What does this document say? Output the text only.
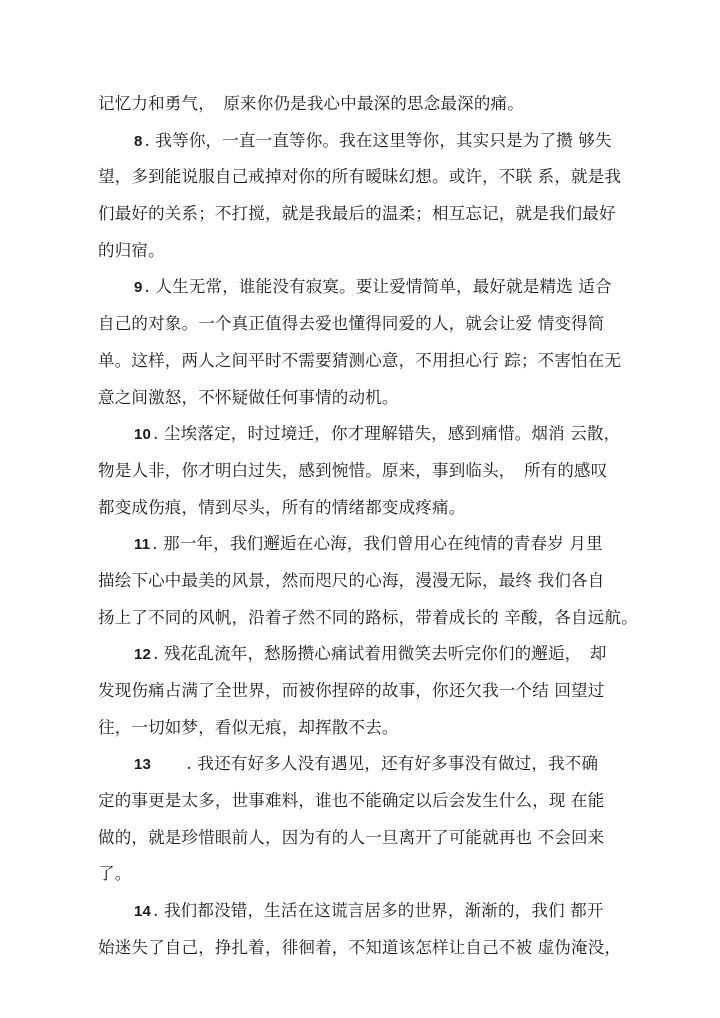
记忆力和勇气，　原来你仍是我心中最深的思念最深的痛。
8 . 我等你，一直一直等你。我在这里等你，其实只是为了攒 够失
望，多到能说服自己戒掉对你的所有暧昧幻想。或许，不联 系，就是我
们最好的关系；不打搅，就是我最后的温柔；相互忘记，就是我们最好
的归宿。
9 . 人生无常，谁能没有寂寞。要让爱情简单，最好就是精选 适合
自己的对象。一个真正值得去爱也懂得同爱的人，就会让爱 情变得简
单。这样，两人之间平时不需要猜测心意，不用担心行 踪；不害怕在无
意之间激怒，不怀疑做任何事情的动机。
10 . 尘埃落定，时过境迁，你才理解错失，感到痛惜。烟消 云散，
物是人非，你才明白过失，感到惋惜。原来，事到临头，　所有的感叹
都变成伤痕，情到尽头，所有的情绪都变成疼痛。
11 . 那一年，我们邂逅在心海，我们曾用心在纯情的青春岁 月里
描绘下心中最美的风景，然而咫尺的心海，漫漫无际，最终 我们各自
扬上了不同的风帆，沿着孑然不同的路标，带着成长的 辛酸，各自远航。
12 . 残花乱流年，愁肠攒心痛试着用微笑去听完你们的邂逅，　却
发现伤痛占满了全世界，而被你捏碎的故事，你还欠我一个结 回望过
往，一切如梦，看似无痕，却挥散不去。
13　　. 我还有好多人没有遇见，还有好多事没有做过，我不确
定的事更是太多，世事难料，谁也不能确定以后会发生什么，现 在能
做的，就是珍惜眼前人，因为有的人一旦离开了可能就再也 不会回来
了。
14 . 我们都没错，生活在这谎言居多的世界，渐渐的，我们 都开
始迷失了自己，挣扎着，徘徊着，不知道该怎样让自己不被 虚伪淹没，
